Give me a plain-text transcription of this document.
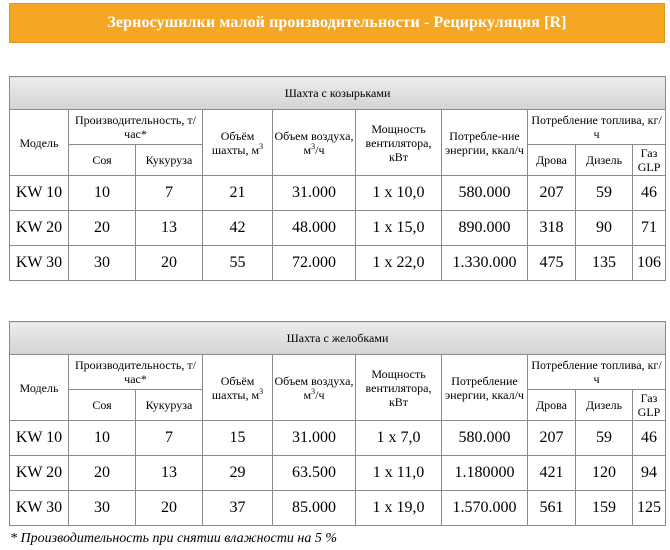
Зерносушилки малой производительности - Рециркуляция [R]
Шахта с козырьками									
Модель	Производительность, т/час*		Объём шахты, $м^3$	Объем воздуха, $м^3/ч$	Мощность вентилятора, кВт	Потребле-ние энергии, ккал/ч	Потребление топлива, кг/ч		
	Соя	Кукуруза					Дрова	Дизель	Газ GLP
KW 10	10	7	21	31.000	1 x 10,0	580.000	207	59	46
KW 20	20	13	42	48.000	1 x 15,0	890.000	318	90	71
KW 30	30	20	55	72.000	1 x 22,0	1.330.000	475	135	106
Шахта с желобками									
Модель	Производительность, т/час*		Объём шахты, $м^3$	Объем воздуха, $м^3/ч$	Мощность вентилятора, кВт	Потребление энергии, ккал/ч	Потребление топлива, кг/ч		
	Соя	Кукуруза					Дрова	Дизель	Газ GLP
KW 10	10	7	15	31.000	1 x 7,0	580.000	207	59	46
KW 20	20	13	29	63.500	1 x 11,0	1.180000	421	120	94
KW 30	30	20	37	85.000	1 x 19,0	1.570.000	561	159	125
* Производительность при снятии влажности на 5 %
